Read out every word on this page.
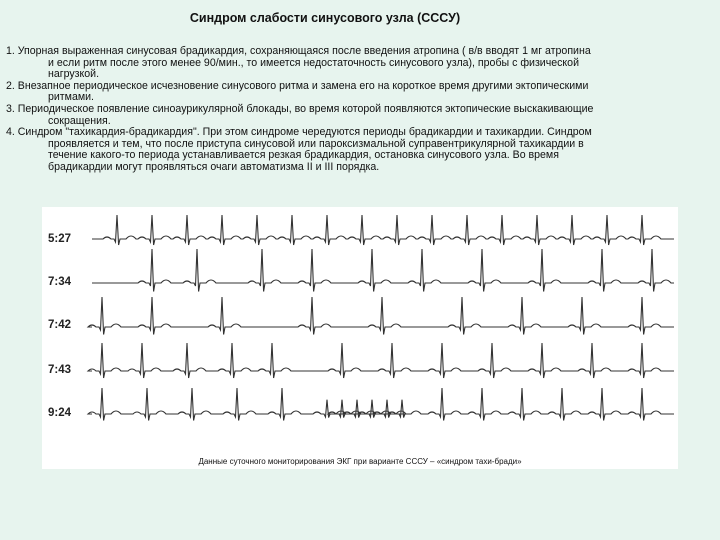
Синдром слабости синусового узла (СССУ)
1. Упорная выраженная синусовая брадикардия, сохраняющаяся после введения атропина ( в/в вводят 1 мг атропина
и если ритм после этого менее 90/мин., то имеется недостаточность синусового узла), пробы с физической
нагрузкой.
2. Внезапное периодическое исчезновение синусового ритма и замена его на короткое время другими эктопическими
ритмами.
3. Периодическое появление синоаурикулярной блокады, во время которой появляются эктопические выскакивающие
сокращения.
4. Синдром "тахикардия-брадикардия". При этом синдроме чередуются периоды брадикардии и тахикардии. Синдром
проявляется и тем, что после приступа синусовой или пароксизмальной суправентрикулярной тахикардии в
течение какого-то периода устанавливается резкая брадикардия, остановка синусового узла. Во время
брадикардии могут проявляться очаги автоматизма II и III порядка.
5:27
7:34
7:42
7:43
9:24
Данные суточного мониторирования ЭКГ при варианте СССУ – «синдром тахи-бради»
